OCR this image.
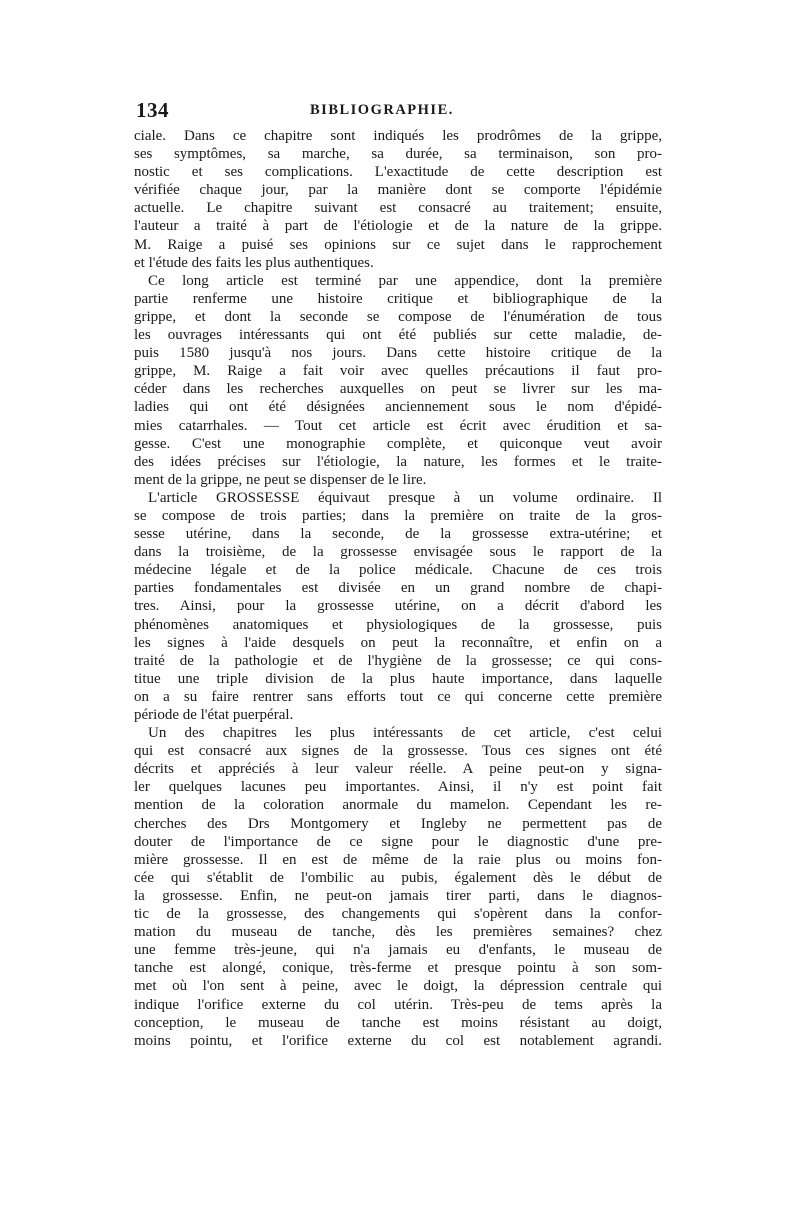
134	BIBLIOGRAPHIE.
ciale. Dans ce chapitre sont indiqués les prodrômes de la grippe,
ses symptômes, sa marche, sa durée, sa terminaison, son pro-
nostic et ses complications. L'exactitude de cette description est
vérifiée chaque jour, par la manière dont se comporte l'épidémie
actuelle. Le chapitre suivant est consacré au traitement; ensuite,
l'auteur a traité à part de l'étiologie et de la nature de la grippe.
M. Raige a puisé ses opinions sur ce sujet dans le rapprochement
et l'étude des faits les plus authentiques.
Ce long article est terminé par une appendice, dont la première
partie renferme une histoire critique et bibliographique de la
grippe, et dont la seconde se compose de l'énumération de tous
les ouvrages intéressants qui ont été publiés sur cette maladie, de-
puis 1580 jusqu'à nos jours. Dans cette histoire critique de la
grippe, M. Raige a fait voir avec quelles précautions il faut pro-
céder dans les recherches auxquelles on peut se livrer sur les ma-
ladies qui ont été désignées anciennement sous le nom d'épidé-
mies catarrhales. — Tout cet article est écrit avec érudition et sa-
gesse. C'est une monographie complète, et quiconque veut avoir
des idées précises sur l'étiologie, la nature, les formes et le traite-
ment de la grippe, ne peut se dispenser de le lire.
L'article GROSSESSE équivaut presque à un volume ordinaire. Il
se compose de trois parties; dans la première on traite de la gros-
sesse utérine, dans la seconde, de la grossesse extra-utérine; et
dans la troisième, de la grossesse envisagée sous le rapport de la
médecine légale et de la police médicale. Chacune de ces trois
parties fondamentales est divisée en un grand nombre de chapi-
tres. Ainsi, pour la grossesse utérine, on a décrit d'abord les
phénomènes anatomiques et physiologiques de la grossesse, puis
les signes à l'aide desquels on peut la reconnaître, et enfin on a
traité de la pathologie et de l'hygiène de la grossesse; ce qui cons-
titue une triple division de la plus haute importance, dans laquelle
on a su faire rentrer sans efforts tout ce qui concerne cette première
période de l'état puerpéral.
Un des chapitres les plus intéressants de cet article, c'est celui
qui est consacré aux signes de la grossesse. Tous ces signes ont été
décrits et appréciés à leur valeur réelle. A peine peut-on y signa-
ler quelques lacunes peu importantes. Ainsi, il n'y est point fait
mention de la coloration anormale du mamelon. Cependant les re-
cherches des Drs Montgomery et Ingleby ne permettent pas de
douter de l'importance de ce signe pour le diagnostic d'une pre-
mière grossesse. Il en est de même de la raie plus ou moins fon-
cée qui s'établit de l'ombilic au pubis, également dès le début de
la grossesse. Enfin, ne peut-on jamais tirer parti, dans le diagnos-
tic de la grossesse, des changements qui s'opèrent dans la confor-
mation du museau de tanche, dès les premières semaines? chez
une femme très-jeune, qui n'a jamais eu d'enfants, le museau de
tanche est alongé, conique, très-ferme et presque pointu à son som-
met où l'on sent à peine, avec le doigt, la dépression centrale qui
indique l'orifice externe du col utérin. Très-peu de tems après la
conception, le museau de tanche est moins résistant au doigt,
moins pointu, et l'orifice externe du col est notablement agrandi.
